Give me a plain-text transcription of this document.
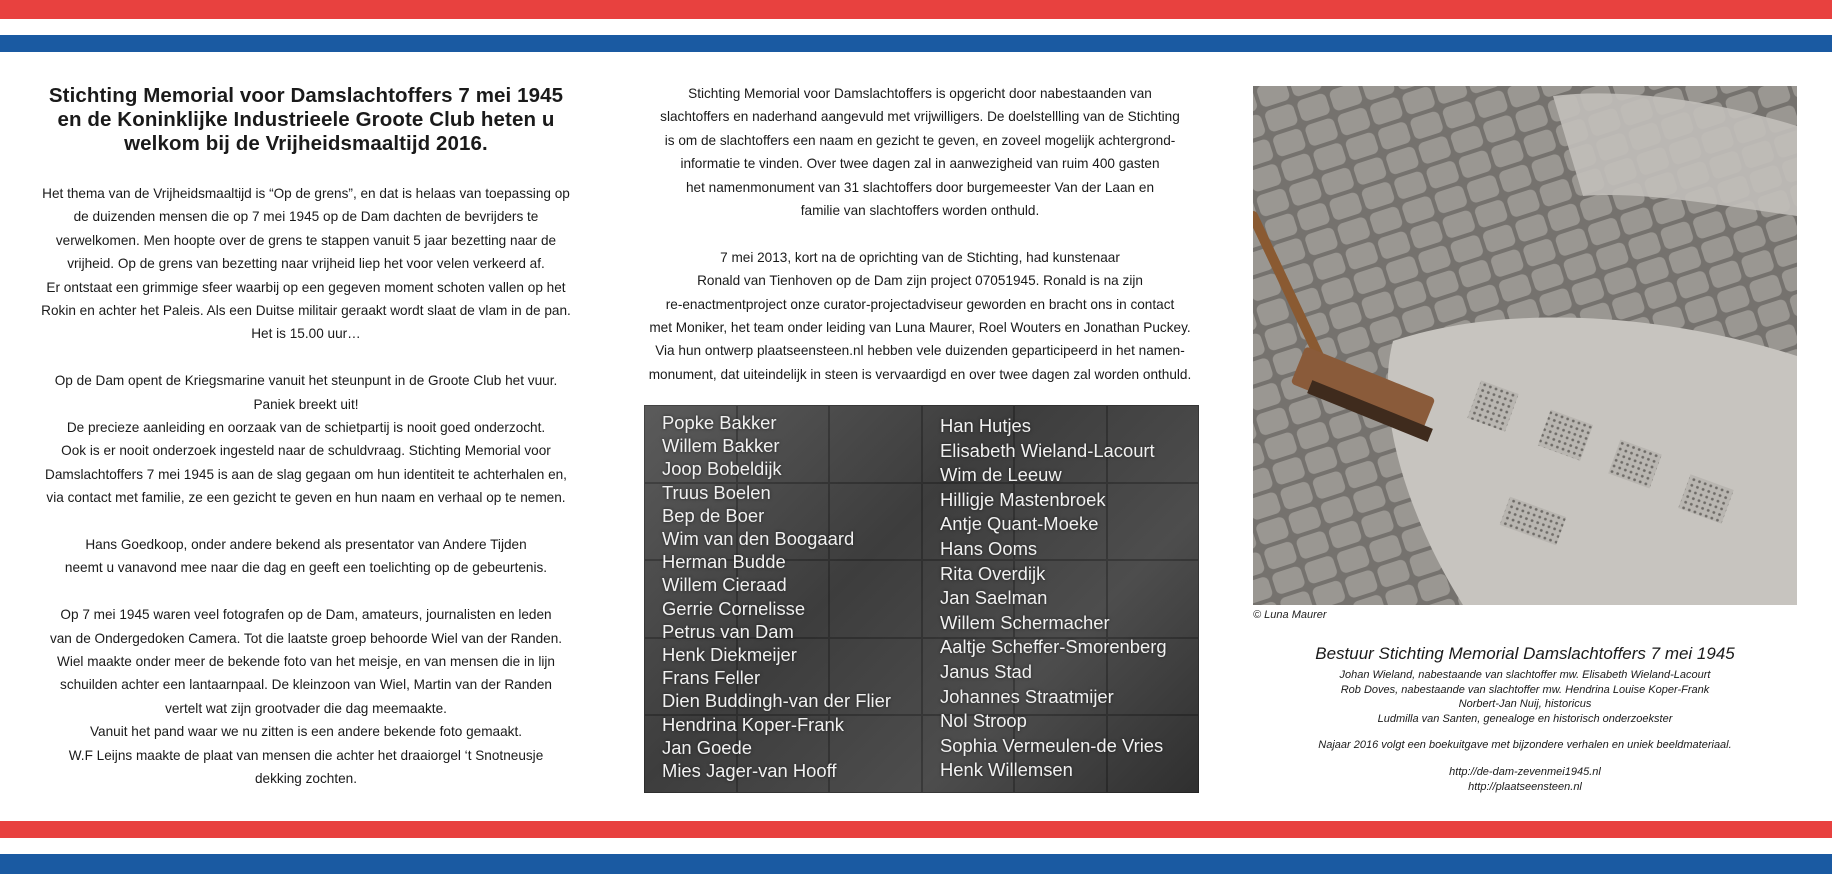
Stichting Memorial voor Damslachtoffers 7 mei 1945
en de Koninklijke Industrieele Groote Club heten u
welkom bij de Vrijheidsmaaltijd 2016.

Het thema van de Vrijheidsmaaltijd is “Op de grens”, en dat is helaas van toepassing op
de duizenden mensen die op 7 mei 1945 op de Dam dachten de bevrijders te
verwelkomen. Men hoopte over de grens te stappen vanuit 5 jaar bezetting naar de
vrijheid. Op de grens van bezetting naar vrijheid liep het voor velen verkeerd af.
Er ontstaat een grimmige sfeer waarbij op een gegeven moment schoten vallen op het
Rokin en achter het Paleis. Als een Duitse militair geraakt wordt slaat de vlam in de pan.
Het is 15.00 uur…

Op de Dam opent de Kriegsmarine vanuit het steunpunt in de Groote Club het vuur.
Paniek breekt uit!
De precieze aanleiding en oorzaak van de schietpartij is nooit goed onderzocht.
Ook is er nooit onderzoek ingesteld naar de schuldvraag. Stichting Memorial voor
Damslachtoffers 7 mei 1945 is aan de slag gegaan om hun identiteit te achterhalen en,
via contact met familie, ze een gezicht te geven en hun naam en verhaal op te nemen.

Hans Goedkoop, onder andere bekend als presentator van Andere Tijden
neemt u vanavond mee naar die dag en geeft een toelichting op de gebeurtenis.

Op 7 mei 1945 waren veel fotografen op de Dam, amateurs, journalisten en leden
van de Ondergedoken Camera. Tot die laatste groep behoorde Wiel van der Randen.
Wiel maakte onder meer de bekende foto van het meisje, en van mensen die in lijn
schuilden achter een lantaarnpaal. De kleinzoon van Wiel, Martin van der Randen
vertelt wat zijn grootvader die dag meemaakte.
Vanuit het pand waar we nu zitten is een andere bekende foto gemaakt.
W.F Leijns maakte de plaat van mensen die achter het draaiorgel ‘t Snotneusje
dekking zochten.

Stichting Memorial voor Damslachtoffers is opgericht door nabestaanden van
slachtoffers en naderhand aangevuld met vrijwilligers. De doelstellling van de Stichting
is om de slachtoffers een naam en gezicht te geven, en zoveel mogelijk achtergrond-
informatie te vinden. Over twee dagen zal in aanwezigheid van ruim 400 gasten
het namenmonument van 31 slachtoffers door burgemeester Van der Laan en
familie van slachtoffers worden onthuld.

7 mei 2013, kort na de oprichting van de Stichting, had kunstenaar
Ronald van Tienhoven op de Dam zijn project 07051945. Ronald is na zijn
re-enactmentproject onze curator-projectadviseur geworden en bracht ons in contact
met Moniker, het team onder leiding van Luna Maurer, Roel Wouters en Jonathan Puckey.
Via hun ontwerp plaatseensteen.nl hebben vele duizenden geparticipeerd in het namen-
monument, dat uiteindelijk in steen is vervaardigd en over twee dagen zal worden onthuld.

Popke Bakker
Willem Bakker
Joop Bobeldijk
Truus Boelen
Bep de Boer
Wim van den Boogaard
Herman Budde
Willem Cieraad
Gerrie Cornelisse
Petrus van Dam
Henk Diekmeijer
Frans Feller
Dien Buddingh-van der Flier
Hendrina Koper-Frank
Jan Goede
Mies Jager-van Hooff
Han Hutjes
Elisabeth Wieland-Lacourt
Wim de Leeuw
Hilligje Mastenbroek
Antje Quant-Moeke
Hans Ooms
Rita Overdijk
Jan Saelman
Willem Schermacher
Aaltje Scheffer-Smorenberg
Janus Stad
Johannes Straatmijer
Nol Stroop
Sophia Vermeulen-de Vries
Henk Willemsen
© Luna Maurer
Bestuur Stichting Memorial Damslachtoffers 7 mei 1945
Johan Wieland, nabestaande van slachtoffer mw. Elisabeth Wieland-Lacourt
Rob Doves, nabestaande van slachtoffer mw. Hendrina Louise Koper-Frank
Norbert-Jan Nuij, historicus
Ludmilla van Santen, genealoge en historisch onderzoekster
Najaar 2016 volgt een boekuitgave met bijzondere verhalen en uniek beeldmateriaal.
http://de-dam-zevenmei1945.nl
http://plaatseensteen.nl
